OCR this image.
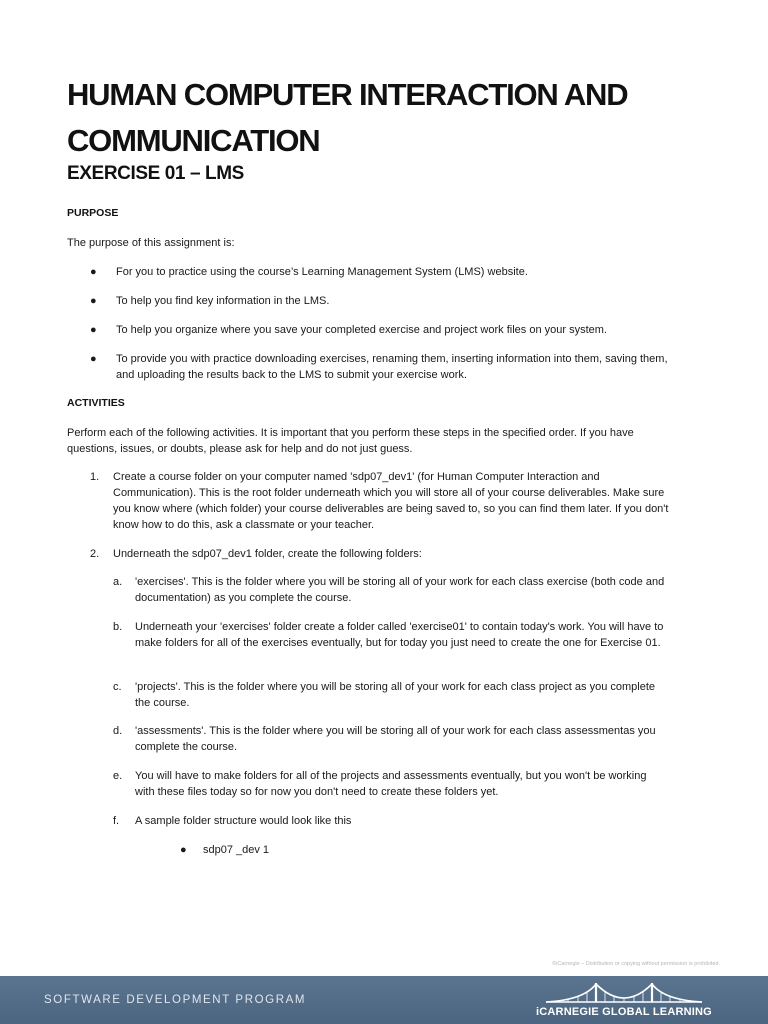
HUMAN COMPUTER INTERACTION AND COMMUNICATION
EXERCISE 01 – LMS
PURPOSE

The purpose of this assignment is:

● For you to practice using the course’s Learning Management System (LMS) website.
● To help you find key information in the LMS.
● To help you organize where you save your completed exercise and project work files on your system.
● To provide you with practice downloading exercises, renaming them, inserting information into them, saving them, and uploading the results back to the LMS to submit your exercise work.
ACTIVITIES

Perform each of the following activities. It is important that you perform these steps in the specified order. If you have questions, issues, or doubts, please ask for help and do not just guess.

1. Create a course folder on your computer named 'sdp07_dev1' (for Human Computer Interaction and Communication). This is the root folder underneath which you will store all of your course deliverables. Make sure you know where (which folder) your course deliverables are being saved to, so you can find them later. If you don't know how to do this, ask a classmate or your teacher.
2. Underneath the sdp07_dev1 folder, create the following folders:
a. 'exercises'. This is the folder where you will be storing all of your work for each class exercise (both code and documentation) as you complete the course.
b. Underneath your 'exercises' folder create a folder called 'exercise01' to contain today's work. You will have to make folders for all of the exercises eventually, but for today you just need to create the one for Exercise 01.
c. 'projects'. This is the folder where you will be storing all of your work for each class project as you complete the course.
d. 'assessments'. This is the folder where you will be storing all of your work for each class assessmentas you complete the course.
e. You will have to make folders for all of the projects and assessments eventually, but you won't be working with these files today so for now you don't need to create these folders yet.
f. A sample folder structure would look like this
● sdp07 _dev 1
©iCarnegie – Distribution or copying without permission is prohibited.
SOFTWARE DEVELOPMENT PROGRAM
iCARNEGIE GLOBAL LEARNING
